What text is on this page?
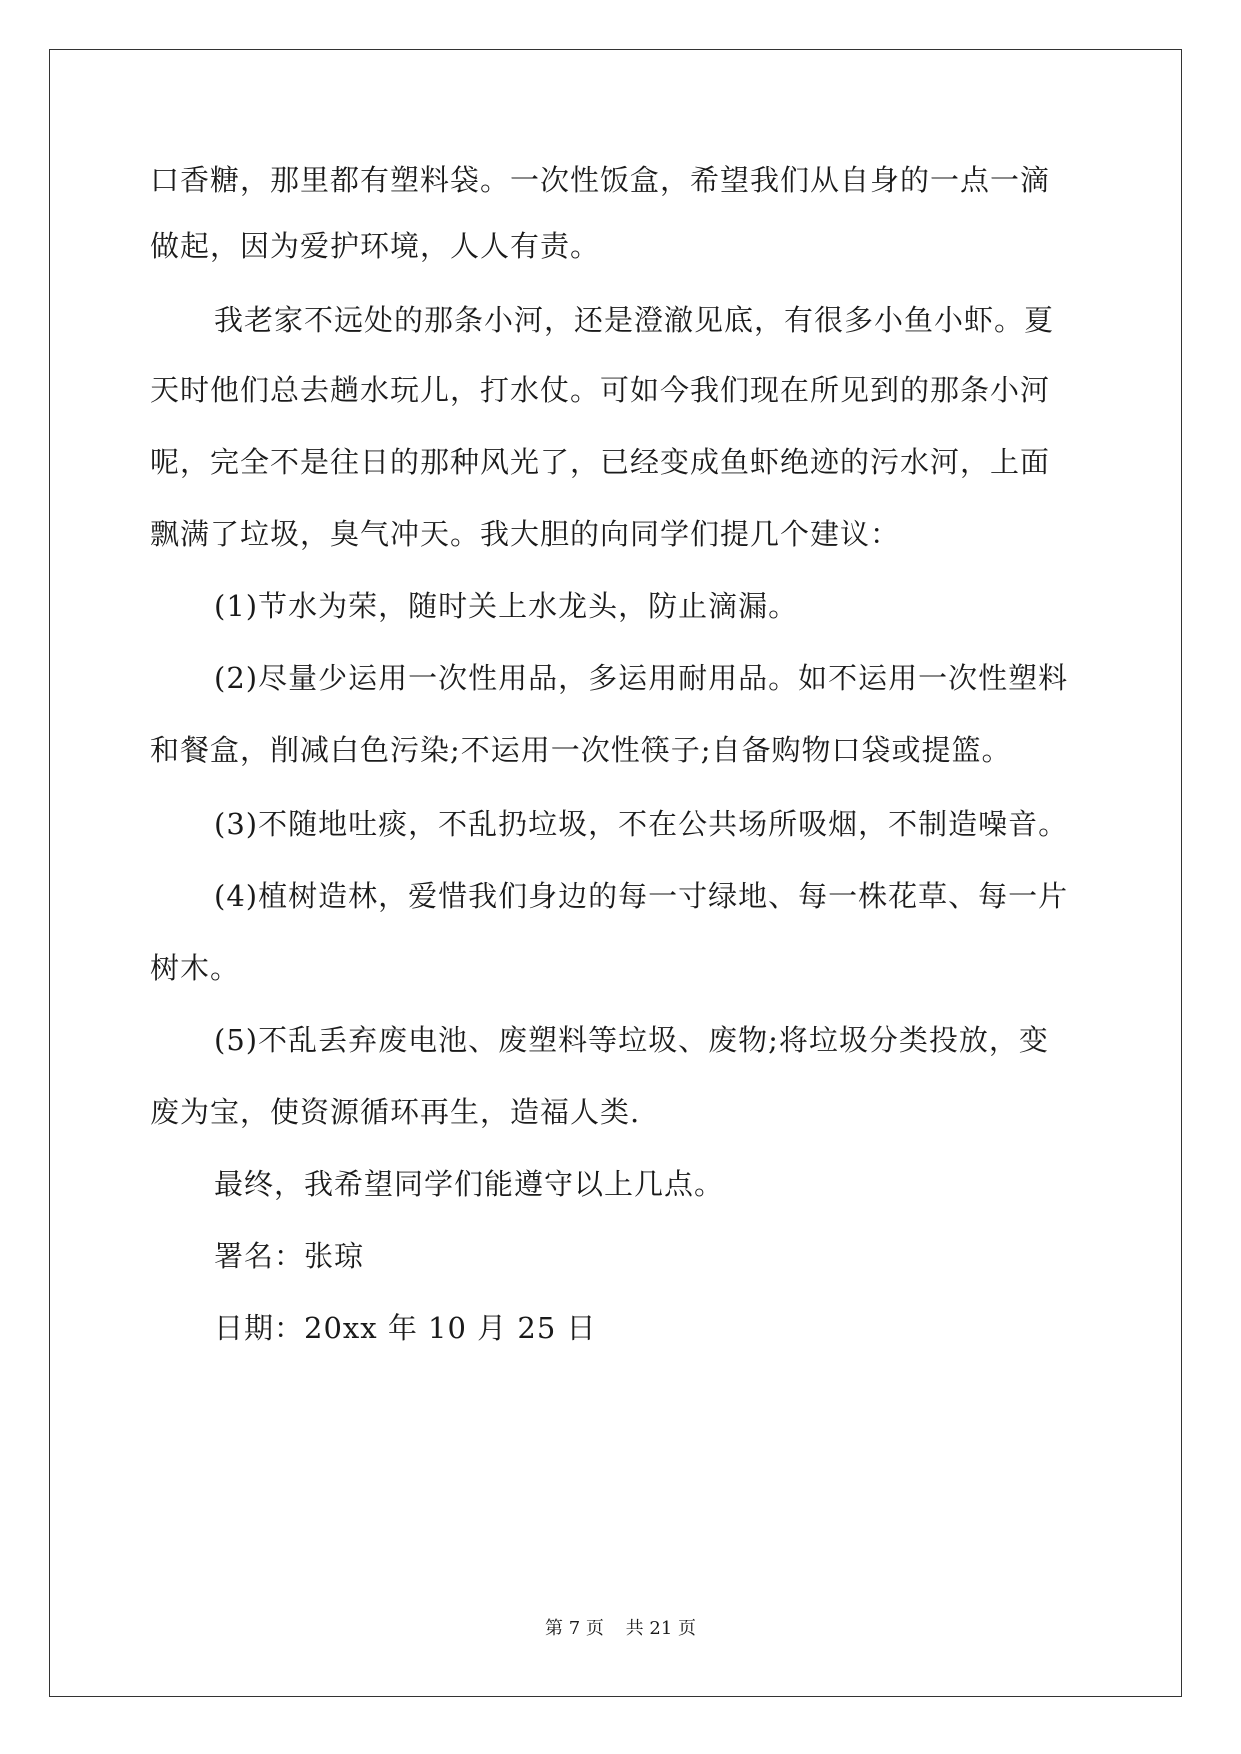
口香糖，那里都有塑料袋。一次性饭盒，希望我们从自身的一点一滴
做起，因为爱护环境，人人有责。
我老家不远处的那条小河，还是澄澈见底，有很多小鱼小虾。夏
天时他们总去趟水玩儿，打水仗。可如今我们现在所见到的那条小河
呢，完全不是往日的那种风光了，已经变成鱼虾绝迹的污水河，上面
飘满了垃圾，臭气冲天。我大胆的向同学们提几个建议：
(1)节水为荣，随时关上水龙头，防止滴漏。
(2)尽量少运用一次性用品，多运用耐用品。如不运用一次性塑料
和餐盒，削减白色污染;不运用一次性筷子;自备购物口袋或提篮。
(3)不随地吐痰，不乱扔垃圾，不在公共场所吸烟，不制造噪音。
(4)植树造林，爱惜我们身边的每一寸绿地、每一株花草、每一片
树木。
(5)不乱丢弃废电池、废塑料等垃圾、废物;将垃圾分类投放，变
废为宝，使资源循环再生，造福人类.
最终，我希望同学们能遵守以上几点。
署名：张琼
日期：20xx 年 10 月 25 日
第 7 页 共 21 页
